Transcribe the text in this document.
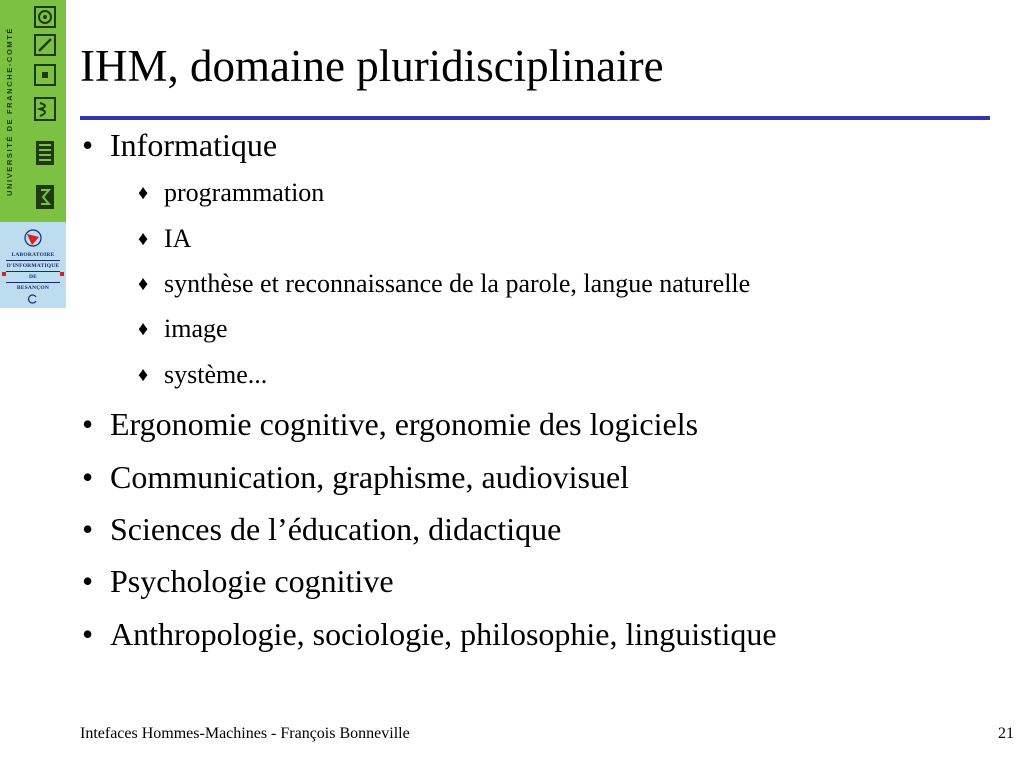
UNIVERSITÉ DE FRANCHE-COMTÉ
LABORATOIRE
D'INFORMATIQUE
DE
BESANÇON
IHM, domaine pluridisciplinaire
• Informatique
♦ programmation
♦ IA
♦ synthèse et reconnaissance de la parole, langue naturelle
♦ image
♦ système...
• Ergonomie cognitive, ergonomie des logiciels
• Communication, graphisme, audiovisuel
• Sciences de l’éducation, didactique
• Psychologie cognitive
• Anthropologie, sociologie, philosophie, linguistique
Intefaces Hommes-Machines - François Bonneville	21
